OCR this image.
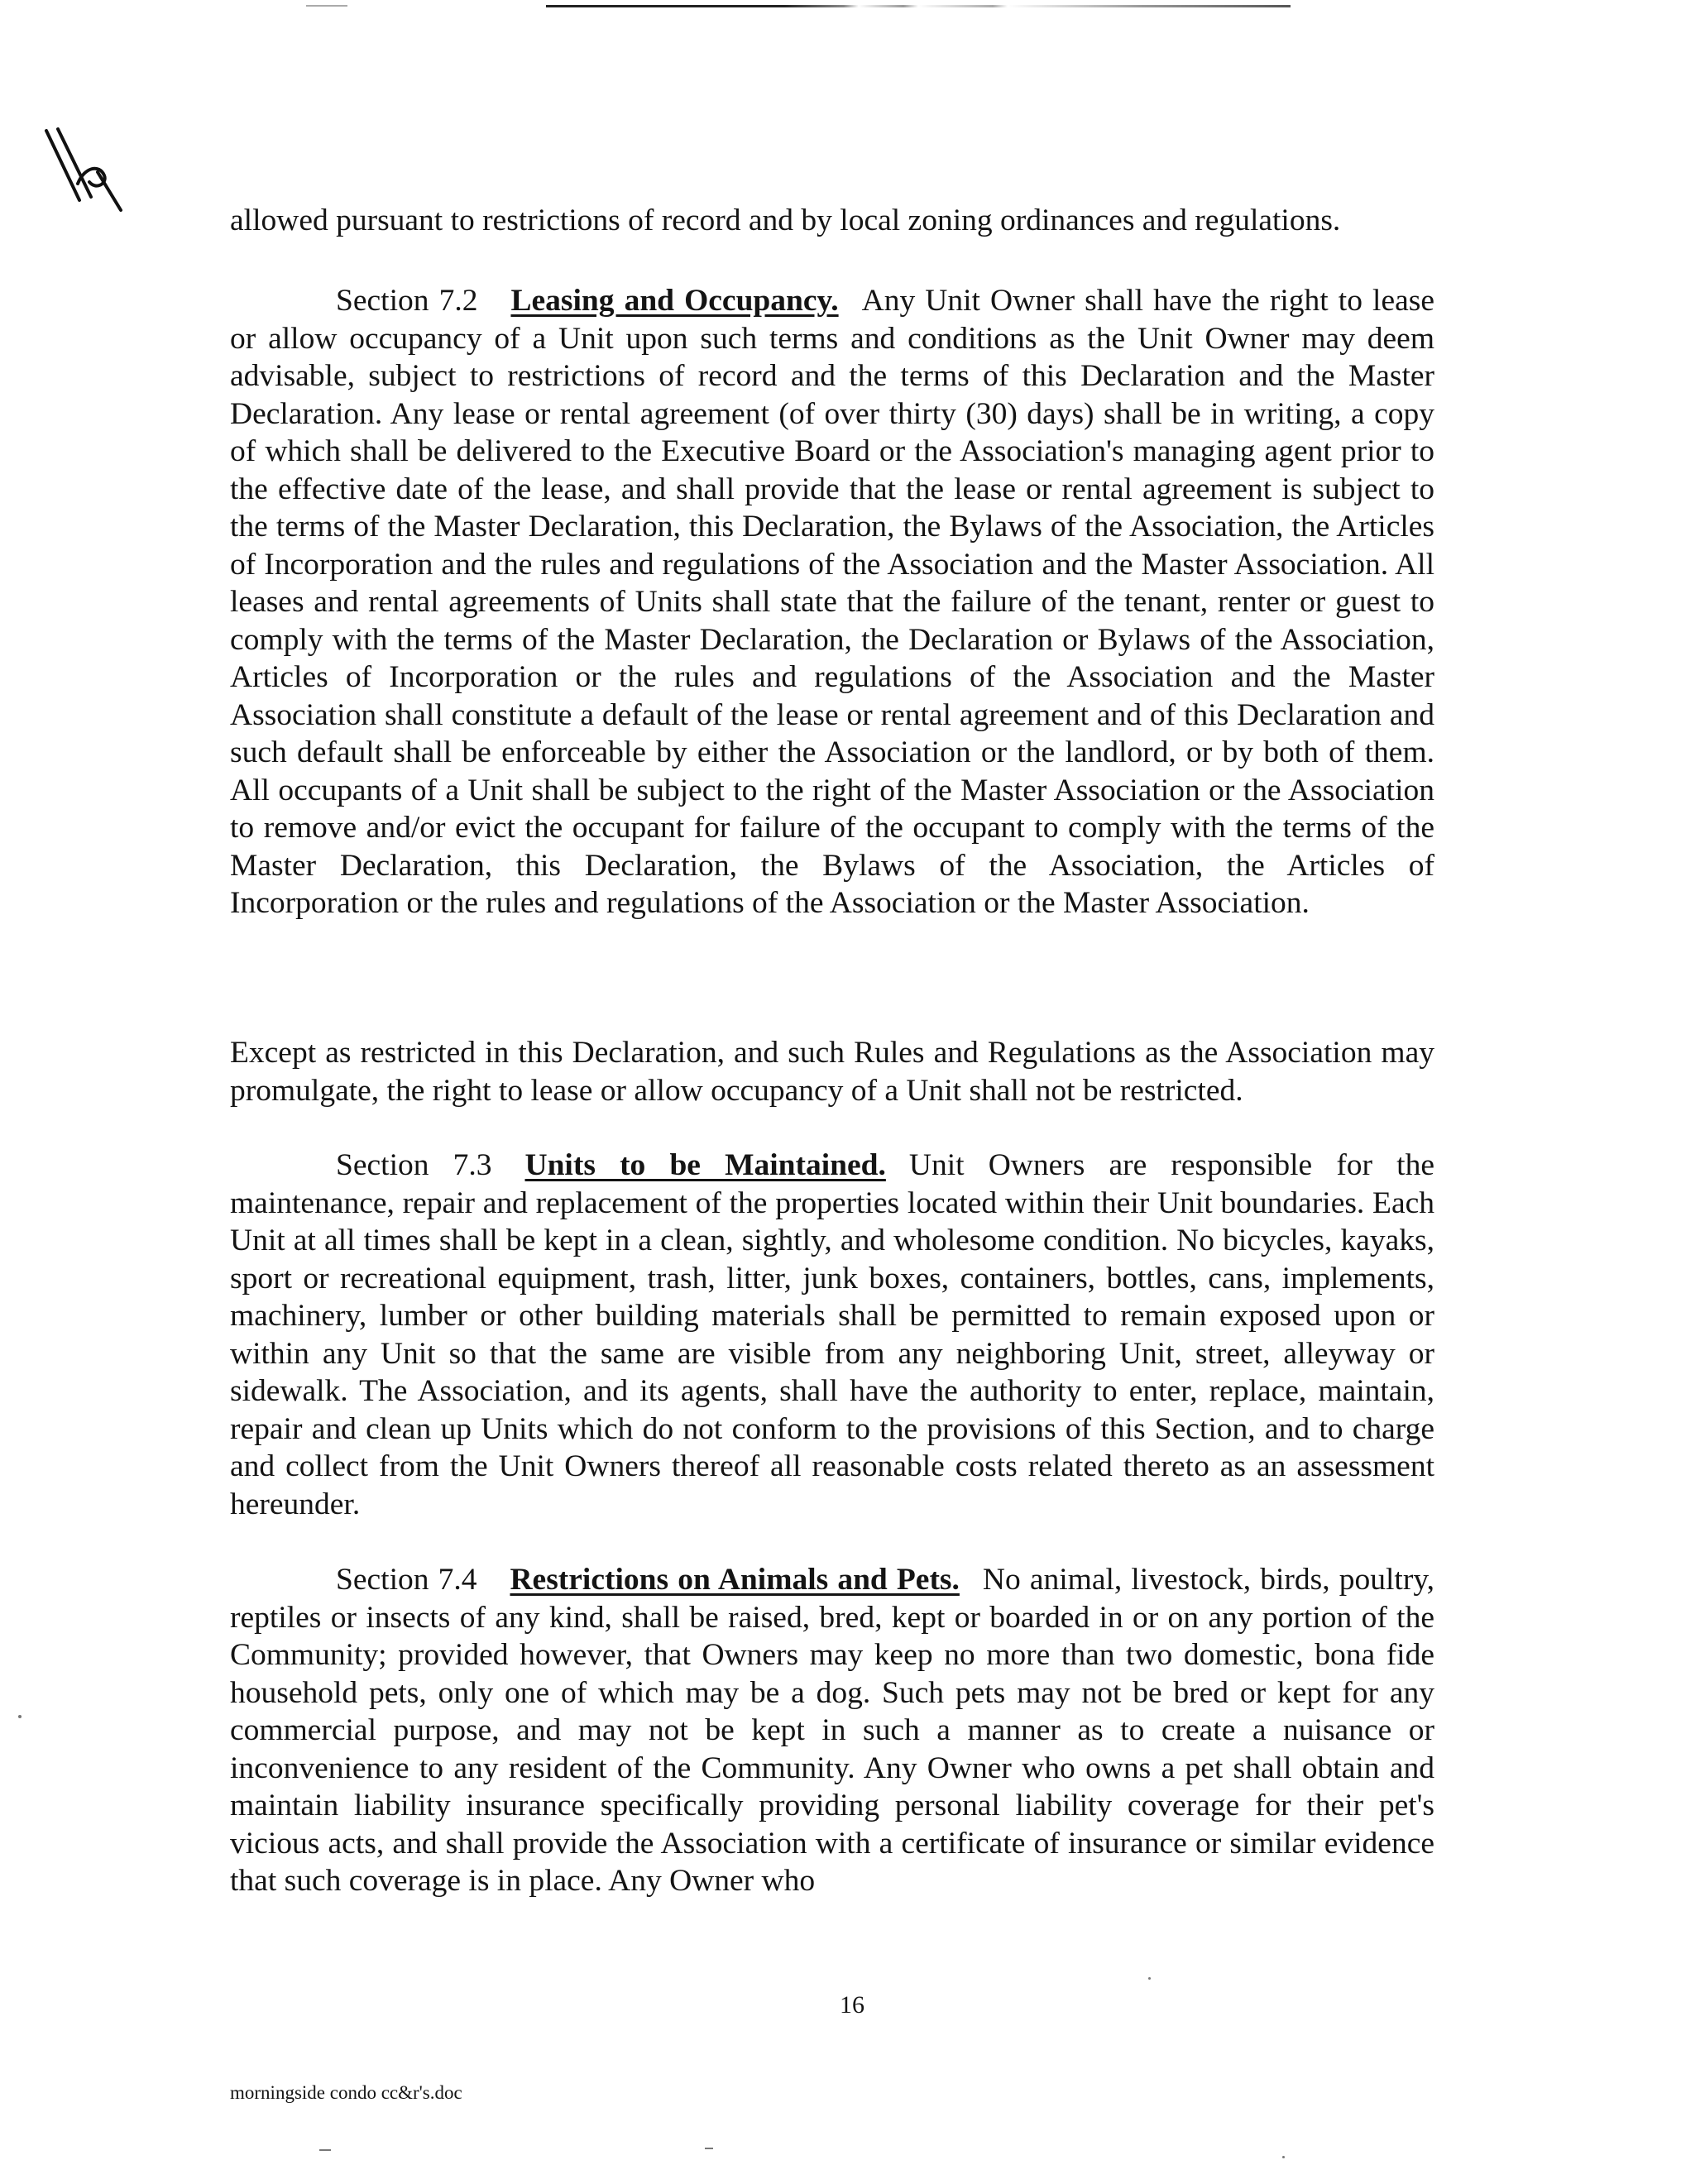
allowed pursuant to restrictions of record and by local zoning ordinances and regulations.

Section 7.2 Leasing and Occupancy. Any Unit Owner shall have the right to lease or allow occupancy of a Unit upon such terms and conditions as the Unit Owner may deem advisable, subject to restrictions of record and the terms of this Declaration and the Master Declaration. Any lease or rental agreement (of over thirty (30) days) shall be in writing, a copy of which shall be delivered to the Executive Board or the Association's managing agent prior to the effective date of the lease, and shall provide that the lease or rental agreement is subject to the terms of the Master Declaration, this Declaration, the Bylaws of the Association, the Articles of Incorporation and the rules and regulations of the Association and the Master Association. All leases and rental agreements of Units shall state that the failure of the tenant, renter or guest to comply with the terms of the Master Declaration, the Declaration or Bylaws of the Association, Articles of Incorporation or the rules and regulations of the Association and the Master Association shall constitute a default of the lease or rental agreement and of this Declaration and such default shall be enforceable by either the Association or the landlord, or by both of them. All occupants of a Unit shall be subject to the right of the Master Association or the Association to remove and/or evict the occupant for failure of the occupant to comply with the terms of the Master Declaration, this Declaration, the Bylaws of the Association, the Articles of Incorporation or the rules and regulations of the Association or the Master Association.

Except as restricted in this Declaration, and such Rules and Regulations as the Association may promulgate, the right to lease or allow occupancy of a Unit shall not be restricted.

Section 7.3 Units to be Maintained. Unit Owners are responsible for the maintenance, repair and replacement of the properties located within their Unit boundaries. Each Unit at all times shall be kept in a clean, sightly, and wholesome condition. No bicycles, kayaks, sport or recreational equipment, trash, litter, junk boxes, containers, bottles, cans, implements, machinery, lumber or other building materials shall be permitted to remain exposed upon or within any Unit so that the same are visible from any neighboring Unit, street, alleyway or sidewalk. The Association, and its agents, shall have the authority to enter, replace, maintain, repair and clean up Units which do not conform to the provisions of this Section, and to charge and collect from the Unit Owners thereof all reasonable costs related thereto as an assessment hereunder.

Section 7.4 Restrictions on Animals and Pets. No animal, livestock, birds, poultry, reptiles or insects of any kind, shall be raised, bred, kept or boarded in or on any portion of the Community; provided however, that Owners may keep no more than two domestic, bona fide household pets, only one of which may be a dog. Such pets may not be bred or kept for any commercial purpose, and may not be kept in such a manner as to create a nuisance or inconvenience to any resident of the Community. Any Owner who owns a pet shall obtain and maintain liability insurance specifically providing personal liability coverage for their pet's vicious acts, and shall provide the Association with a certificate of insurance or similar evidence that such coverage is in place. Any Owner who

16
morningside condo cc&r's.doc
